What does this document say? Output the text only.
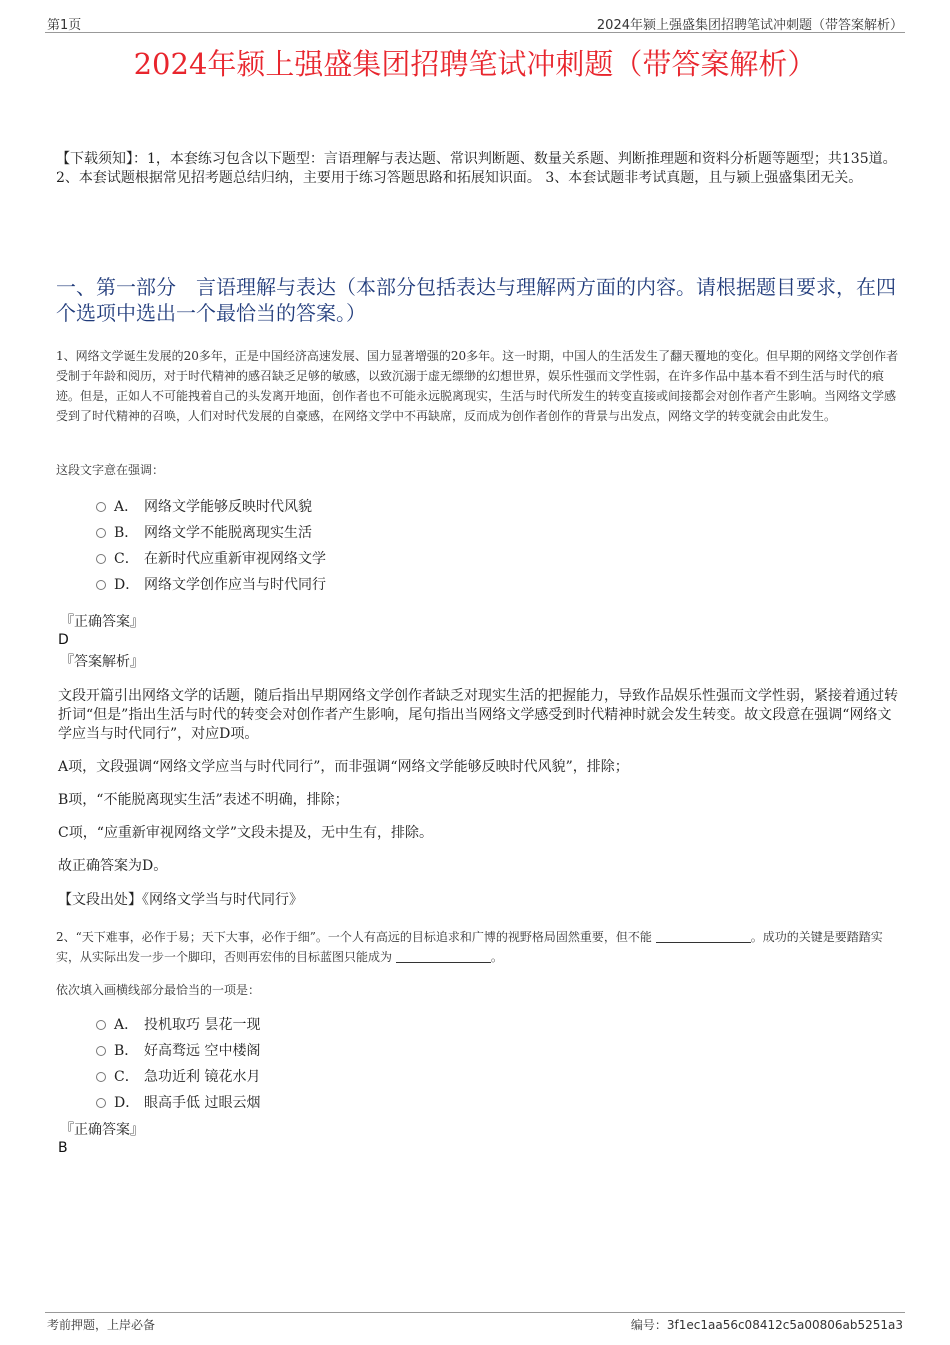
第1页	2024年颍上强盛集团招聘笔试冲刺题（带答案解析）
2024年颍上强盛集团招聘笔试冲刺题（带答案解析）
【下载须知】：1，本套练习包含以下题型：言语理解与表达题、常识判断题、数量关系题、判断推理题和资料分析题等题型；共135道。 2、本套试题根据常见招考题总结归纳，主要用于练习答题思路和拓展知识面。 3、本套试题非考试真题，且与颍上强盛集团无关。
一、第一部分　言语理解与表达（本部分包括表达与理解两方面的内容。请根据题目要求，在四个选项中选出一个最恰当的答案。）
1、网络文学诞生发展的20多年，正是中国经济高速发展、国力显著增强的20多年。这一时期，中国人的生活发生了翻天覆地的变化。但早期的网络文学创作者受制于年龄和阅历，对于时代精神的感召缺乏足够的敏感，以致沉溺于虚无缥缈的幻想世界，娱乐性强而文学性弱，在许多作品中基本看不到生活与时代的痕迹。但是，正如人不可能拽着自己的头发离开地面，创作者也不可能永远脱离现实，生活与时代所发生的转变直接或间接都会对创作者产生影响。当网络文学感受到了时代精神的召唤，人们对时代发展的自豪感，在网络文学中不再缺席，反而成为创作者创作的背景与出发点，网络文学的转变就会由此发生。
这段文字意在强调：
A． 网络文学能够反映时代风貌
B． 网络文学不能脱离现实生活
C． 在新时代应重新审视网络文学
D． 网络文学创作应当与时代同行
『正确答案』
D
『答案解析』
文段开篇引出网络文学的话题，随后指出早期网络文学创作者缺乏对现实生活的把握能力，导致作品娱乐性强而文学性弱，紧接着通过转折词“但是”指出生活与时代的转变会对创作者产生影响，尾句指出当网络文学感受到时代精神时就会发生转变。故文段意在强调“网络文学应当与时代同行”，对应D项。
A项，文段强调“网络文学应当与时代同行”，而非强调“网络文学能够反映时代风貌”，排除；
B项，“不能脱离现实生活”表述不明确，排除；
C项，“应重新审视网络文学”文段未提及，无中生有，排除。
故正确答案为D。
【文段出处】《网络文学当与时代同行》
2、“天下难事，必作于易；天下大事，必作于细”。一个人有高远的目标追求和广博的视野格局固然重要，但不能	。成功的关键是要踏踏实实，从实际出发一步一个脚印，否则再宏伟的目标蓝图只能成为	。
依次填入画横线部分最恰当的一项是：
A． 投机取巧 昙花一现
B． 好高骛远 空中楼阁
C． 急功近利 镜花水月
D． 眼高手低 过眼云烟
『正确答案』
B
考前押题，上岸必备	编号：3f1ec1aa56c08412c5a00806ab5251a3
